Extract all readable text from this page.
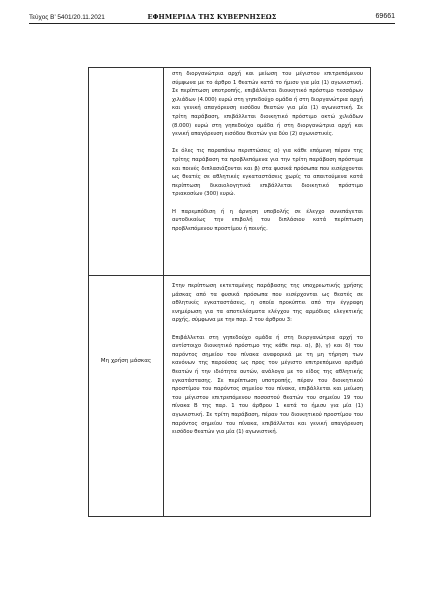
Τεύχος B’ 5401/20.11.2021	ΕΦΗΜΕΡΙΔΑ ΤΗΣ ΚΥΒΕΡΝΗΣΕΩΣ	69661

στη διοργανώτρια αρχή και μείωση του μέγιστου επιτρεπόμενου σύμφωνα με το άρθρο 1 θεατών κατά το ήμισυ για μία (1) αγωνιστική. Σε περίπτωση υποτροπής, επιβάλλεται διοικητικό πρόστιμο τεσσάρων χιλιάδων (4.000) ευρώ στη γηπεδούχο ομάδα ή στη διοργανώτρια αρχή και γενική απαγόρευση εισόδου θεατών για μία (1) αγωνιστική. Σε τρίτη παράβαση, επιβάλλεται διοικητικό πρόστιμο οκτώ χιλιάδων (8.000) ευρώ στη γηπεδούχο ομάδα ή στη διοργανώτρια αρχή και γενική απαγόρευση εισόδου θεατών για δύο (2) αγωνιστικές.

Σε όλες τις παραπάνω περιπτώσεις α) για κάθε επόμενη πέραν της τρίτης παράβαση τα προβλεπόμενα για την τρίτη παράβαση πρόστιμα και ποινές διπλασιάζονται και β) στα φυσικά πρόσωπα που εισέρχονται ως θεατές σε αθλητικές εγκαταστάσεις χωρίς τα απαιτούμενα κατά περίπτωση δικαιολογητικά επιβάλλεται διοικητικό πρόστιμο τριακοσίων (300) ευρώ.

Η παρεμπόδιση ή η άρνηση υποβολής σε έλεγχο συνεπάγεται αυτοδικαίως την επιβολή του διπλάσιου κατά περίπτωση προβλεπόμενου προστίμου ή ποινής.

Μη χρήση μάσκας

Στην περίπτωση εκτεταμένης παράβασης της υποχρεωτικής χρήσης μάσκας από τα φυσικά πρόσωπα που εισέρχονται ως θεατές σε αθλητικές εγκαταστάσεις, η οποία προκύπτει από την έγγραφη ενημέρωση για τα αποτελέσματα ελέγχου της αρμόδιας ελεγκτικής αρχής, σύμφωνα με την παρ. 2 του άρθρου 3:

Επιβάλλεται στη γηπεδούχο ομάδα ή στη διοργανώτρια αρχή το αντίστοιχο διοικητικό πρόστιμο της κάθε περ. α), β), γ) και δ) του παρόντος σημείου του πίνακα αναφορικά με τη μη τήρηση των κανόνων της παρούσας ως προς τον μέγιστο επιτρεπόμενο αριθμό θεατών ή την ιδιότητα αυτών, ανάλογα με το είδος της αθλητικής εγκατάστασης. Σε περίπτωση υποτροπής, πέραν του διοικητικού προστίμου του παρόντος σημείου του πίνακα, επιβάλλεται και μείωση του μέγιστου επιτρεπόμενου ποσοστού θεατών του σημείου 19 του πίνακα Β της παρ. 1 του άρθρου 1 κατά το ήμισυ για μία (1) αγωνιστική. Σε τρίτη παράβαση, πέραν του διοικητικού προστίμου του παρόντος σημείου του πίνακα, επιβάλλεται και γενική απαγόρευση εισόδου θεατών για μία (1) αγωνιστική.
